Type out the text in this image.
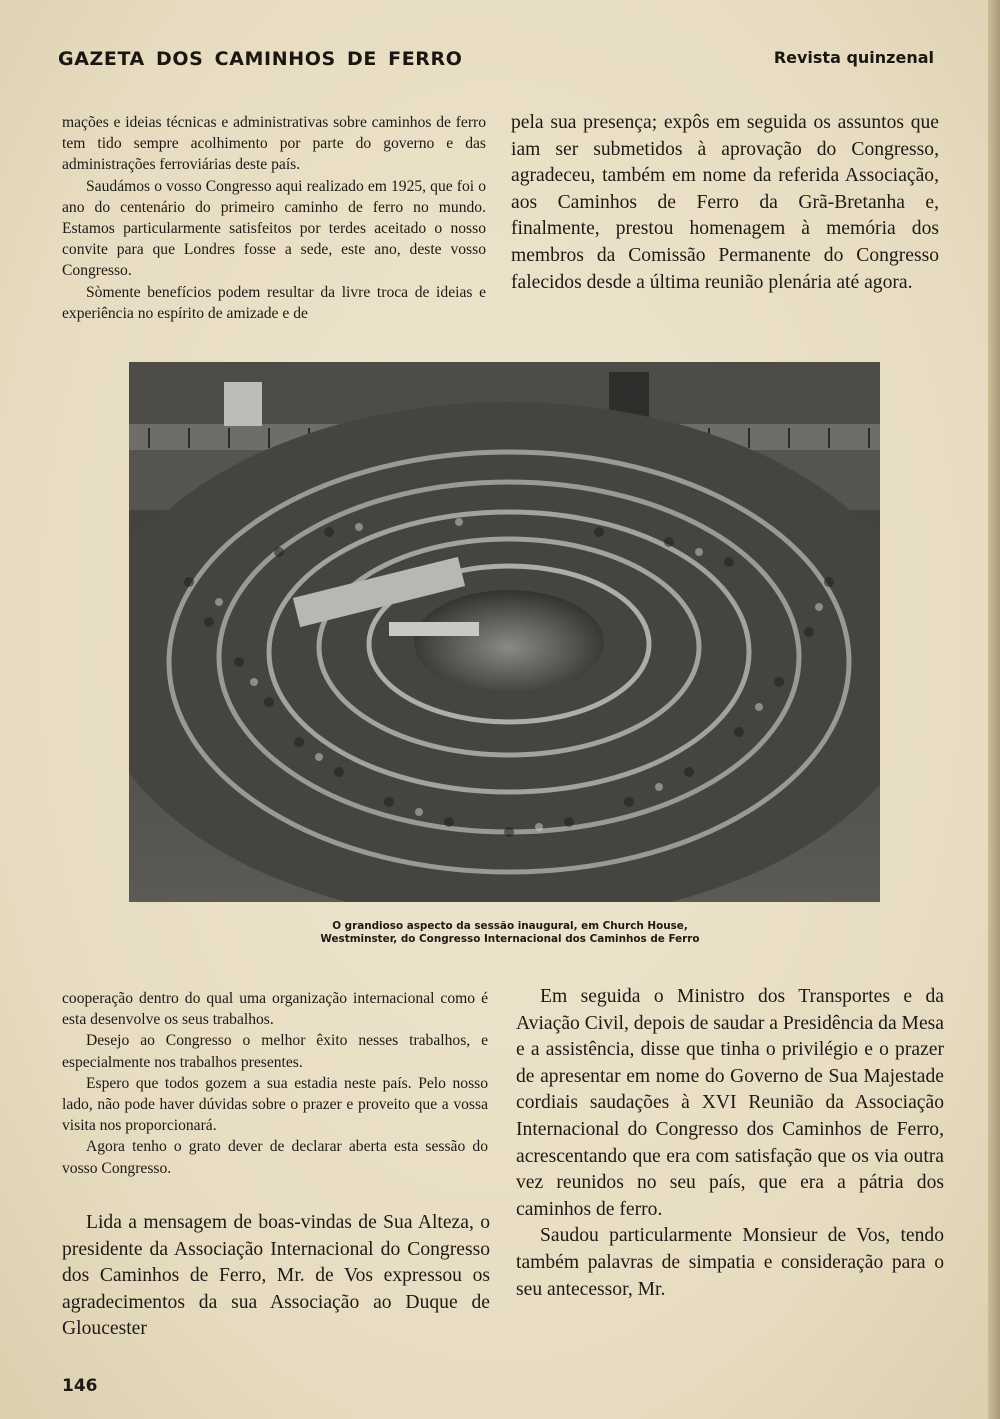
GAZETA DOS CAMINHOS DE FERRO	Revista quinzenal

mações e ideias técnicas e administrativas sobre caminhos de ferro tem tido sempre acolhimento por parte do governo e das administrações ferroviárias deste país.

Saudámos o vosso Congresso aqui realizado em 1925, que foi o ano do centenário do primeiro caminho de ferro no mundo. Estamos particularmente satisfeitos por terdes aceitado o nosso convite para que Londres fosse a sede, este ano, deste vosso Congresso.

Sòmente benefícios podem resultar da livre troca de ideias e experiência no espírito de amizade e de

pela sua presença; expôs em seguida os assuntos que iam ser submetidos à aprovação do Congresso, agradeceu, também em nome da referida Associação, aos Caminhos de Ferro da Grã-Bretanha e, finalmente, prestou homenagem à memória dos membros da Comissão Permanente do Congresso falecidos desde a última reunião plenária até agora.

O grandioso aspecto da sessão inaugural, em Church House,
Westminster, do Congresso Internacional dos Caminhos de Ferro

cooperação dentro do qual uma organização internacional como é esta desenvolve os seus trabalhos.

Desejo ao Congresso o melhor êxito nesses trabalhos, e especialmente nos trabalhos presentes.

Espero que todos gozem a sua estadia neste país. Pelo nosso lado, não pode haver dúvidas sobre o prazer e proveito que a vossa visita nos proporcionará.

Agora tenho o grato dever de declarar aberta esta sessão do vosso Congresso.

Lida a mensagem de boas-vindas de Sua Alteza, o presidente da Associação Internacional do Congresso dos Caminhos de Ferro, Mr. de Vos expressou os agradecimentos da sua Associação ao Duque de Gloucester

Em seguida o Ministro dos Transportes e da Aviação Civil, depois de saudar a Presidência da Mesa e a assistência, disse que tinha o privilégio e o prazer de apresentar em nome do Governo de Sua Majestade cordiais saudações à XVI Reunião da Associação Internacional do Congresso dos Caminhos de Ferro, acrescentando que era com satisfação que os via outra vez reunidos no seu país, que era a pátria dos caminhos de ferro.

Saudou particularmente Monsieur de Vos, tendo também palavras de simpatia e consideração para o seu antecessor, Mr.

146
